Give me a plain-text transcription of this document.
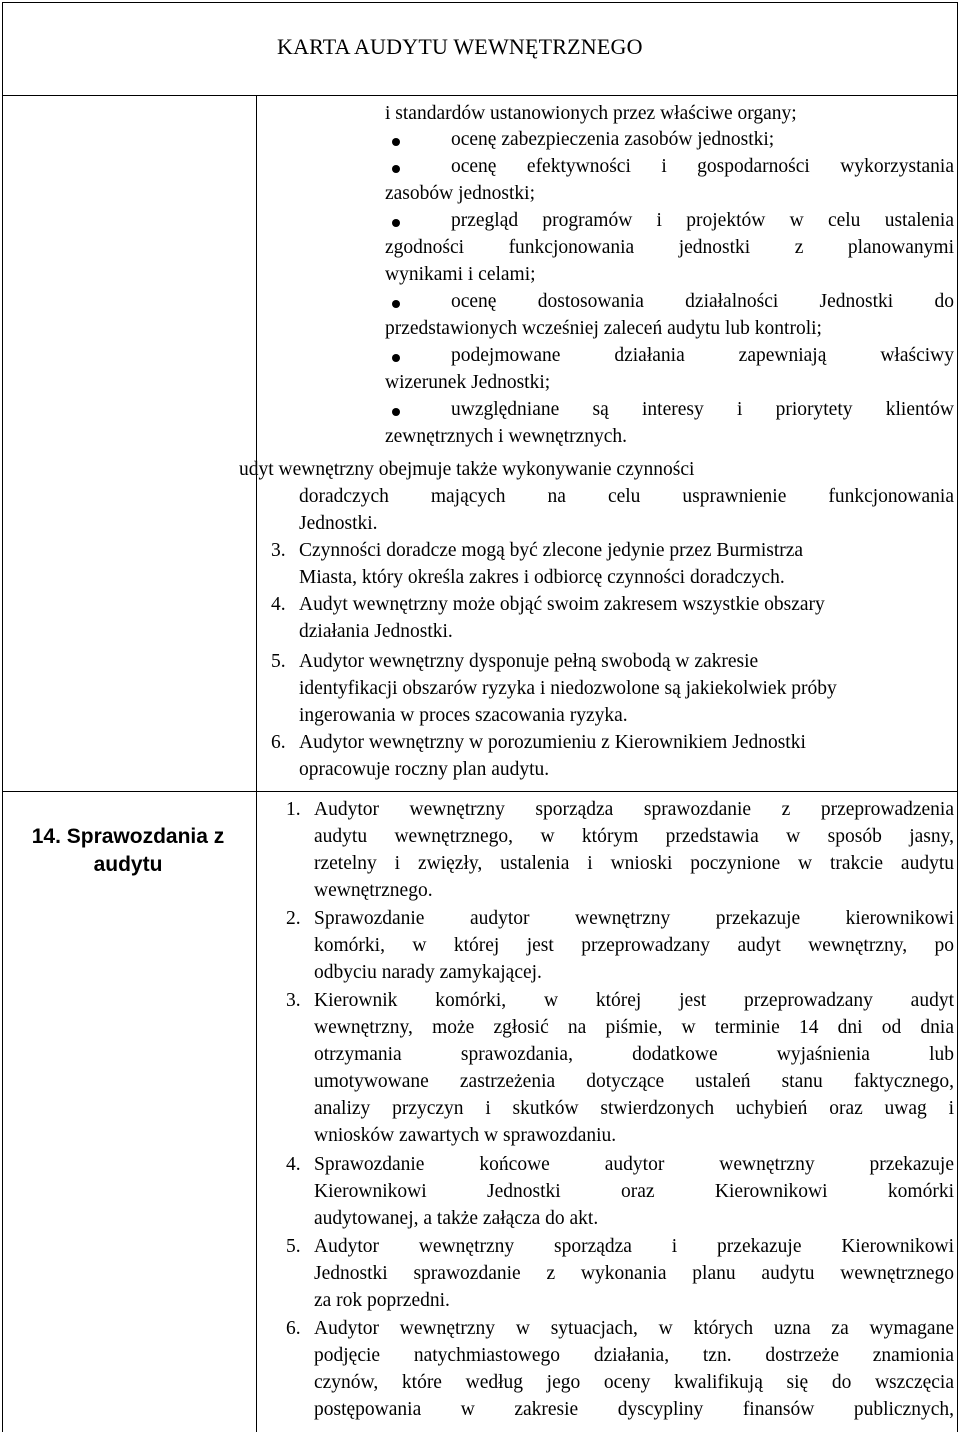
KARTA AUDYTU WEWNĘTRZNEGO
14. Sprawozdania z
audytu
i standardów ustanowionych przez właściwe organy;
ocenę zabezpieczenia zasobów jednostki;
ocenę efektywności i gospodarności wykorzystania
zasobów jednostki;
przegląd programów i projektów w celu ustalenia
zgodności funkcjonowania jednostki z planowanymi
wynikami i celami;
ocenę dostosowania działalności Jednostki do
przedstawionych wcześniej zaleceń audytu lub kontroli;
podejmowane działania zapewniają właściwy
wizerunek Jednostki;
uwzględniane są interesy i priorytety klientów
zewnętrznych i wewnętrznych.
udyt wewnętrzny obejmuje także wykonywanie czynności
doradczych mających na celu usprawnienie funkcjonowania
Jednostki.
3. Czynności doradcze mogą być zlecone jedynie przez Burmistrza
Miasta, który określa zakres i odbiorcę czynności doradczych.
4. Audyt wewnętrzny może objąć swoim zakresem wszystkie obszary
działania Jednostki.
5. Audytor wewnętrzny dysponuje pełną swobodą w zakresie
identyfikacji obszarów ryzyka i niedozwolone są jakiekolwiek próby
ingerowania w proces szacowania ryzyka.
6. Audytor wewnętrzny w porozumieniu z Kierownikiem Jednostki
opracowuje roczny plan audytu.
1. Audytor wewnętrzny sporządza sprawozdanie z przeprowadzenia
audytu wewnętrznego, w którym przedstawia w sposób jasny,
rzetelny i zwięzły, ustalenia i wnioski poczynione w trakcie audytu
wewnętrznego.
2. Sprawozdanie audytor wewnętrzny przekazuje kierownikowi
komórki, w której jest przeprowadzany audyt wewnętrzny, po
odbyciu narady zamykającej.
3. Kierownik komórki, w której jest przeprowadzany audyt
wewnętrzny, może zgłosić na piśmie, w terminie 14 dni od dnia
otrzymania sprawozdania, dodatkowe wyjaśnienia lub
umotywowane zastrzeżenia dotyczące ustaleń stanu faktycznego,
analizy przyczyn i skutków stwierdzonych uchybień oraz uwag i
wniosków zawartych w sprawozdaniu.
4. Sprawozdanie końcowe audytor wewnętrzny przekazuje
Kierownikowi Jednostki oraz Kierownikowi komórki
audytowanej, a także załącza do akt.
5. Audytor wewnętrzny sporządza i przekazuje Kierownikowi
Jednostki sprawozdanie z wykonania planu audytu wewnętrznego
za rok poprzedni.
6. Audytor wewnętrzny w sytuacjach, w których uzna za wymagane
podjęcie natychmiastowego działania, tzn. dostrzeże znamionia
czynów, które według jego oceny kwalifikują się do wszczęcia
postępowania w zakresie dyscypliny finansów publicznych,
